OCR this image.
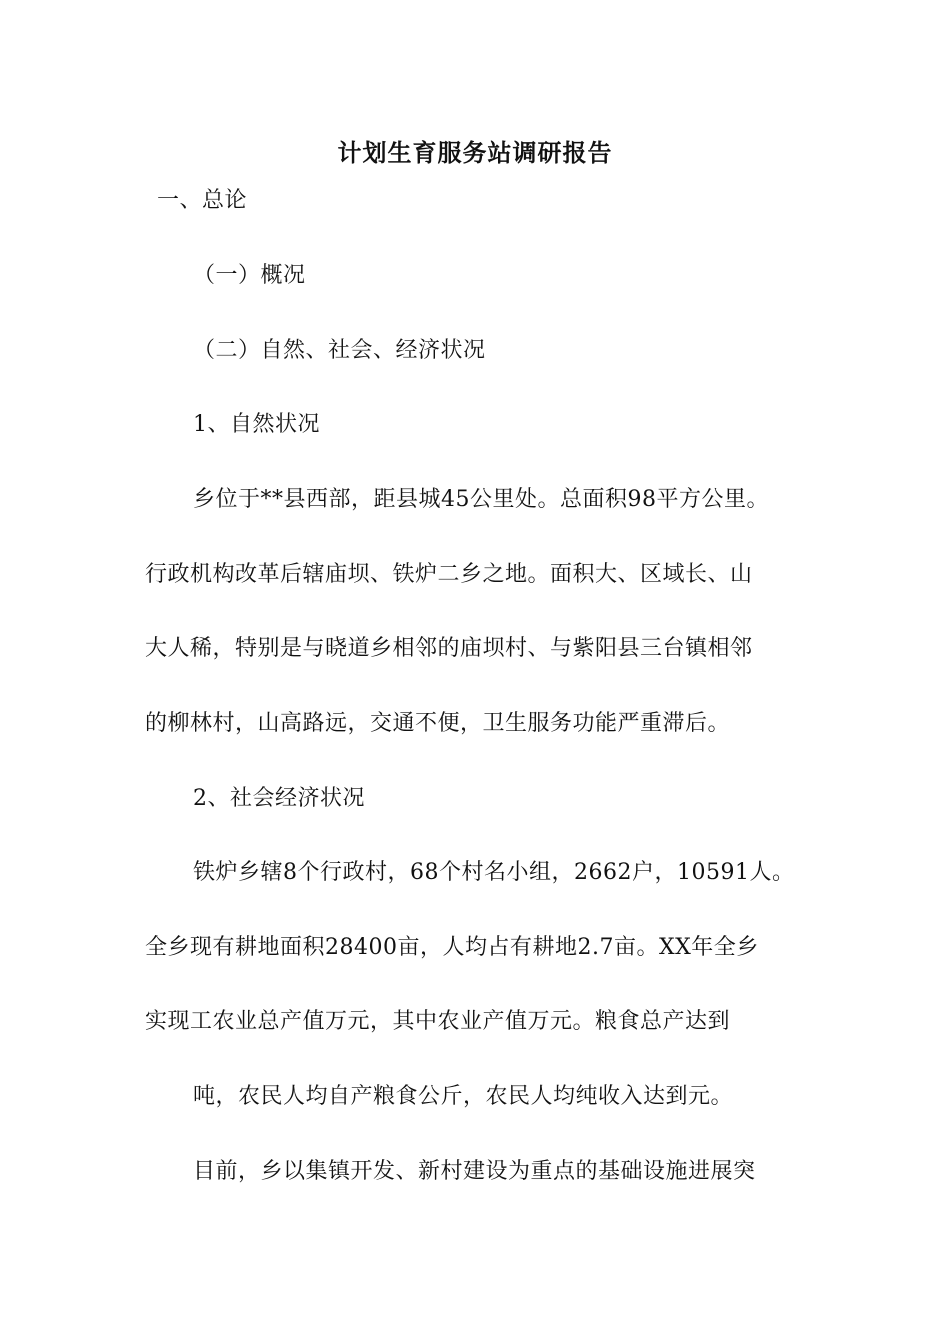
计划生育服务站调研报告
一、总论
（一）概况
（二）自然、社会、经济状况
1、自然状况
乡位于**县西部，距县城45公里处。总面积98平方公里。
行政机构改革后辖庙坝、铁炉二乡之地。面积大、区域长、山
大人稀，特别是与晓道乡相邻的庙坝村、与紫阳县三台镇相邻
的柳林村，山高路远，交通不便，卫生服务功能严重滞后。
2、社会经济状况
铁炉乡辖8个行政村，68个村名小组，2662户，10591人。
全乡现有耕地面积28400亩，人均占有耕地2.7亩。XX年全乡
实现工农业总产值万元，其中农业产值万元。粮食总产达到
吨，农民人均自产粮食公斤，农民人均纯收入达到元。
目前，乡以集镇开发、新村建设为重点的基础设施进展突
